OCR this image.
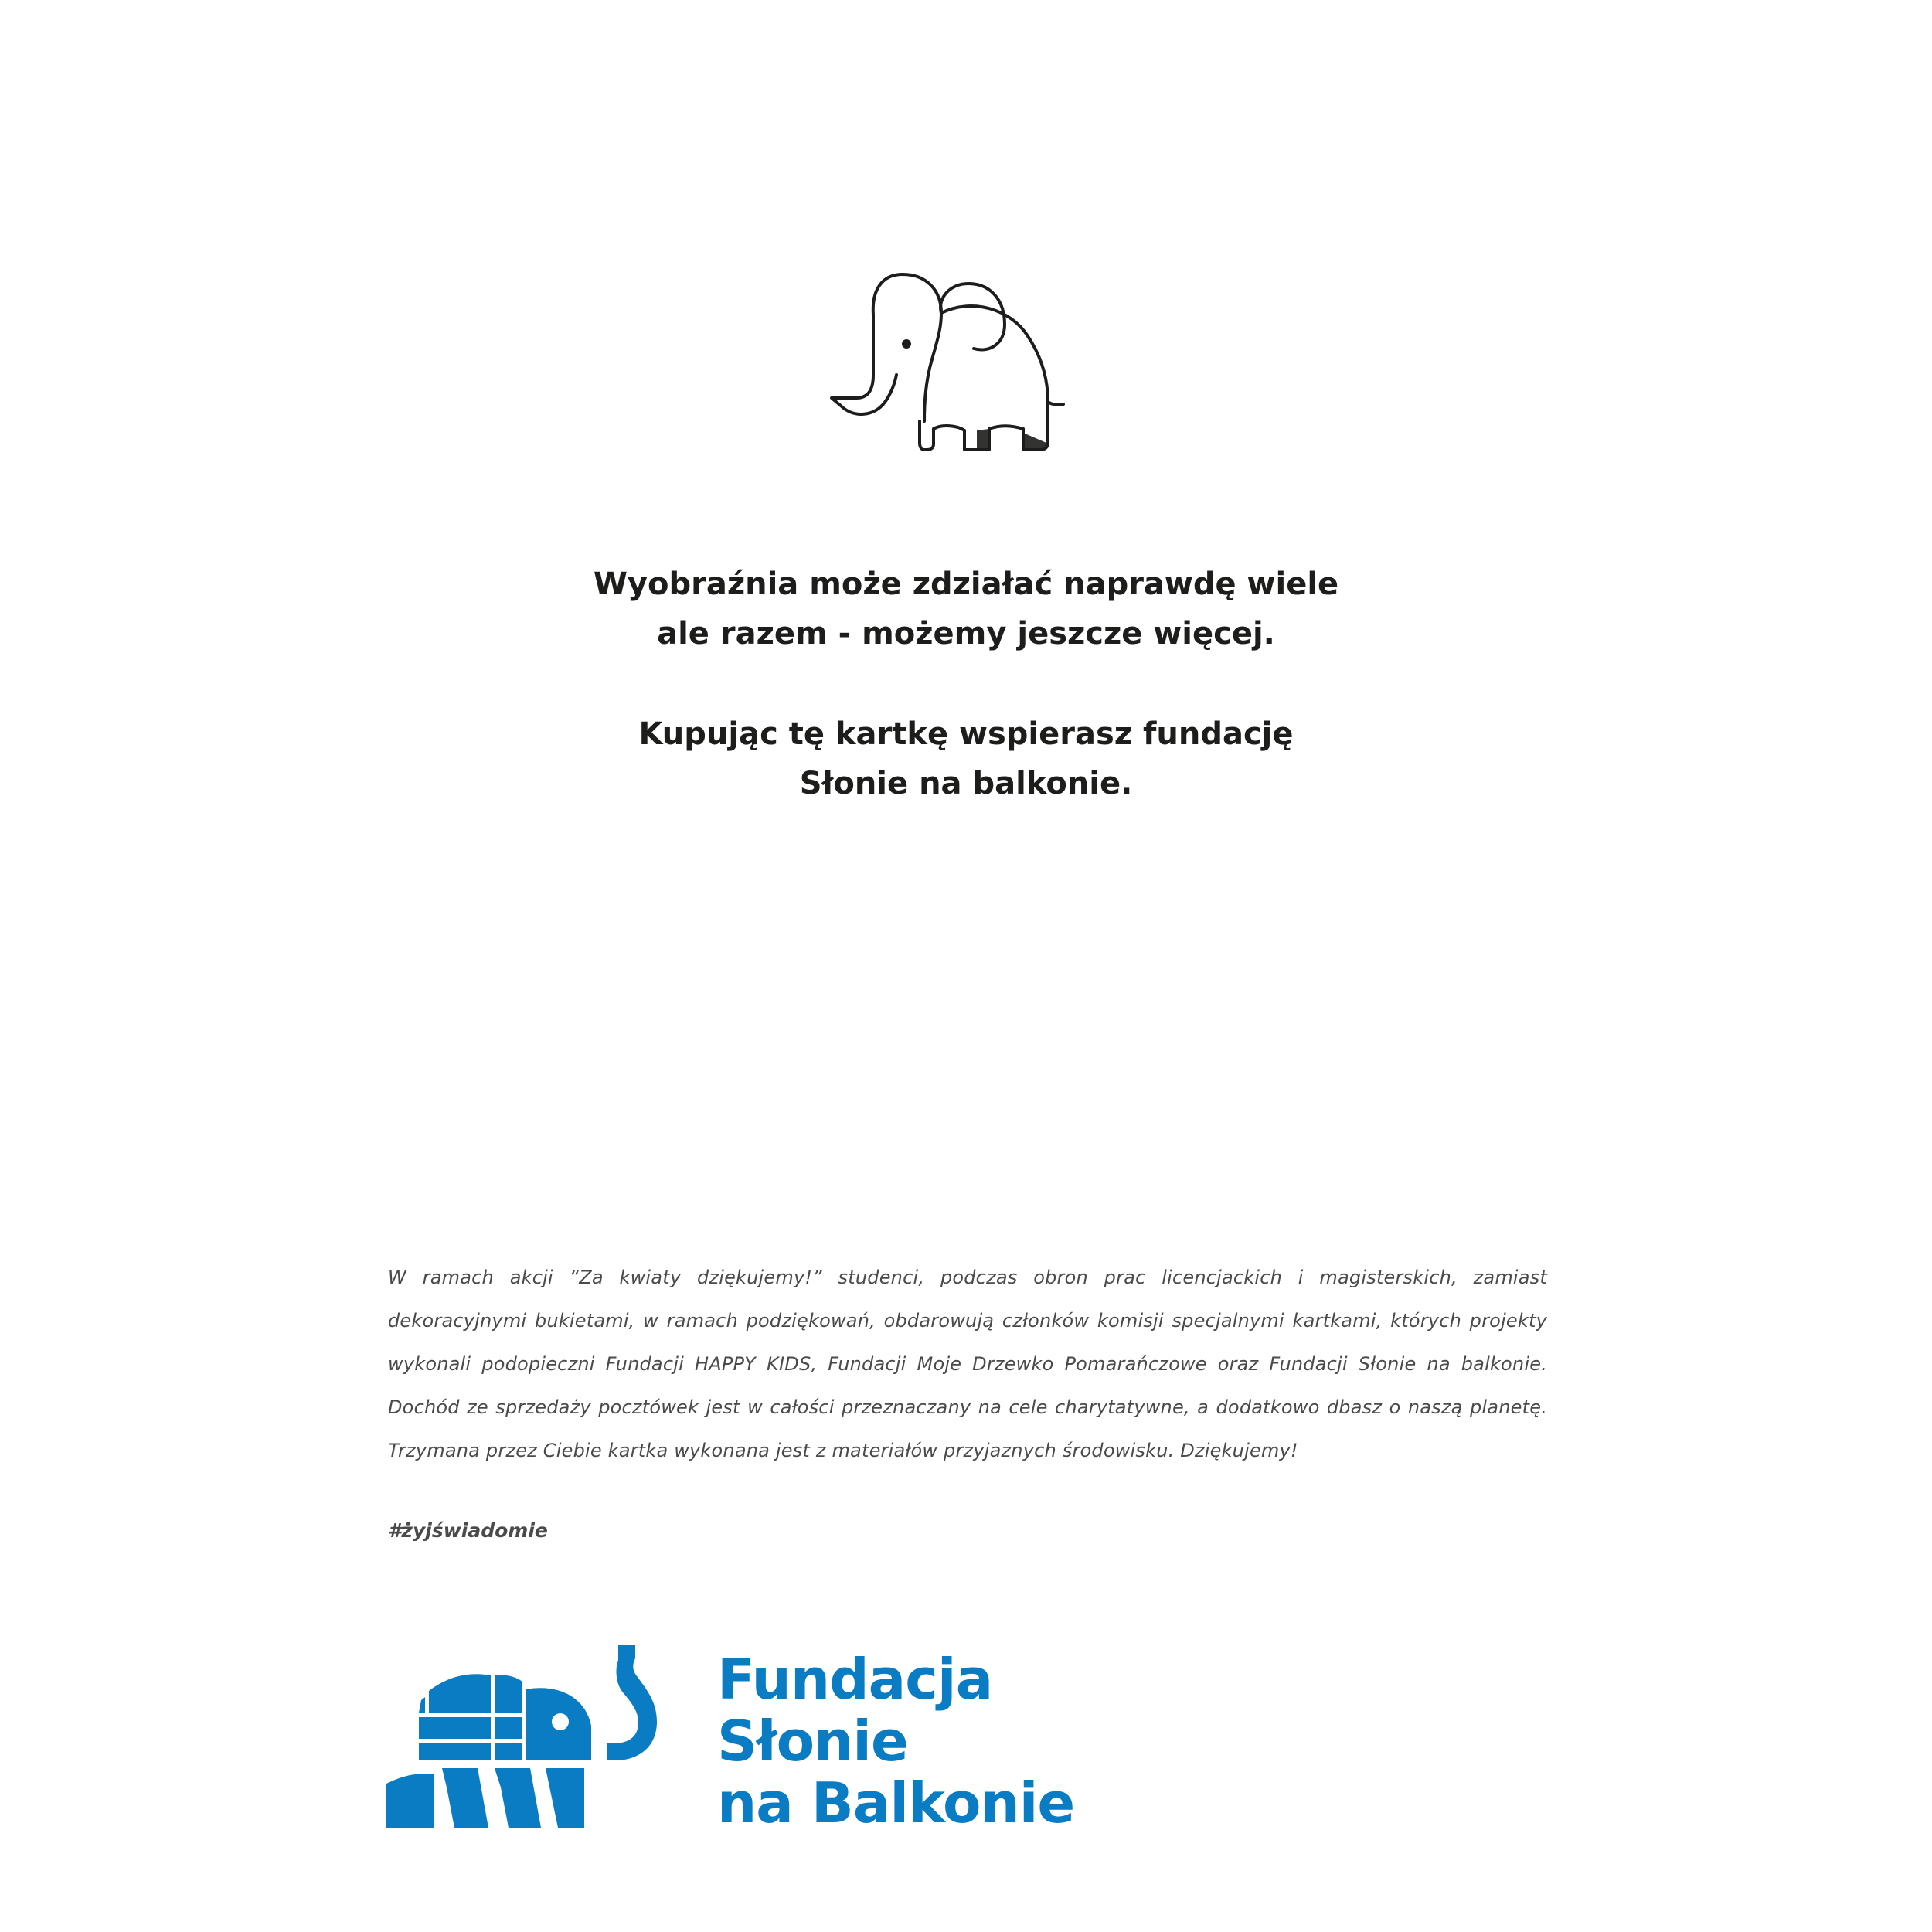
Wyobraźnia może zdziałać naprawdę wiele
ale razem - możemy jeszcze więcej.
Kupując tę kartkę wspierasz fundację
Słonie na balkonie.

W ramach akcji “Za kwiaty dziękujemy!” studenci, podczas obron prac licencjackich i magisterskich, zamiast dekoracyjnymi bukietami, w ramach podziękowań, obdarowują członków komisji specjalnymi kartkami, których projekty wykonali podopieczni Fundacji HAPPY KIDS, Fundacji Moje Drzewko Pomarańczowe oraz Fundacji Słonie na balkonie. Dochód ze sprzedaży pocztówek jest w całości przeznaczany na cele charytatywne, a dodatkowo dbasz o naszą planetę. Trzymana przez Ciebie kartka wykonana jest z materiałów przyjaznych środowisku. Dziękujemy!

#żyjświadomie
Fundacja
Słonie
na Balkonie
